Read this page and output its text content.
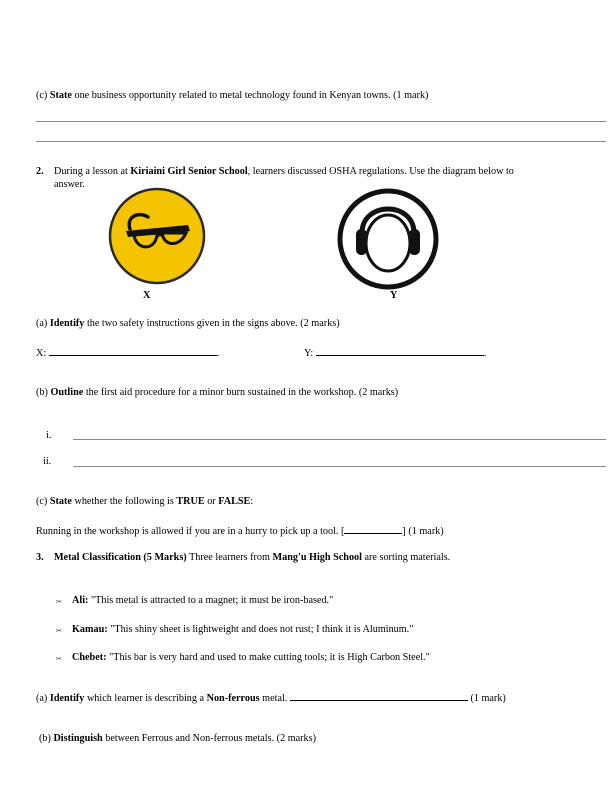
(c) State one business opportunity related to metal technology found in Kenyan towns. (1 mark)
2. During a lesson at Kiriaini Girl Senior School, learners discussed OSHA regulations. Use the diagram below to
answer.
X	Y
(a) Identify the two safety instructions given in the signs above. (2 marks)
X:	.	Y:	.
(b) Outline the first aid procedure for a minor burn sustained in the workshop. (2 marks)
i.
ii.
(c) State whether the following is TRUE or FALSE:
Running in the workshop is allowed if you are in a hurry to pick up a tool. [	] (1 mark)
3. Metal Classification (5 Marks) Three learners from Mang'u High School are sorting materials.
✂ Ali: "This metal is attracted to a magnet; it must be iron-based."
✂ Kamau: "This shiny sheet is lightweight and does not rust; I think it is Aluminum."
✂ Chebet: "This bar is very hard and used to make cutting tools; it is High Carbon Steel."
(a) Identify which learner is describing a Non-ferrous metal.	(1 mark)
(b) Distinguish between Ferrous and Non-ferrous metals. (2 marks)
